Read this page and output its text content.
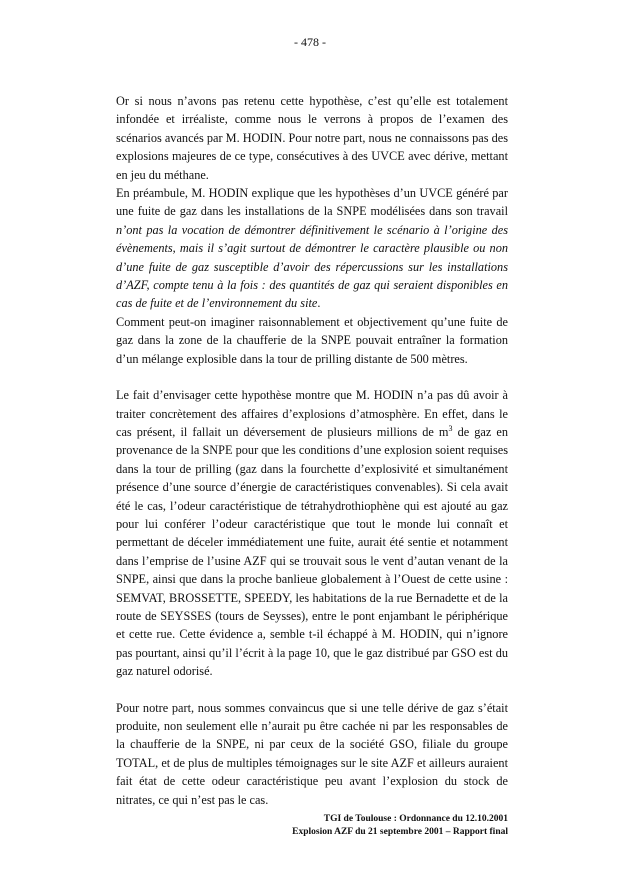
- 478 -

Or si nous n’avons pas retenu cette hypothèse, c’est qu’elle est totalement infondée et irréaliste, comme nous le verrons à propos de l’examen des scénarios avancés par M. HODIN. Pour notre part, nous ne connaissons pas des explosions majeures de ce type, consécutives à des UVCE avec dérive, mettant en jeu du méthane.

En préambule, M. HODIN explique que les hypothèses d’un UVCE généré par une fuite de gaz dans les installations de la SNPE modélisées dans son travail n’ont pas la vocation de démontrer définitivement le scénario à l’origine des évènements, mais il s’agit surtout de démontrer le caractère plausible ou non d’une fuite de gaz susceptible d’avoir des répercussions sur les installations d’AZF, compte tenu à la fois : des quantités de gaz qui seraient disponibles en cas de fuite et de l’environnement du site.

Comment peut-on imaginer raisonnablement et objectivement qu’une fuite de gaz dans la zone de la chaufferie de la SNPE pouvait entraîner la formation d’un mélange explosible dans la tour de prilling distante de 500 mètres.

Le fait d’envisager cette hypothèse montre que M. HODIN n’a pas dû avoir à traiter concrètement des affaires d’explosions d’atmosphère. En effet, dans le cas présent, il fallait un déversement de plusieurs millions de $m^3$ de gaz en provenance de la SNPE pour que les conditions d’une explosion soient requises dans la tour de prilling (gaz dans la fourchette d’explosivité et simultanément présence d’une source d’énergie de caractéristiques convenables). Si cela avait été le cas, l’odeur caractéristique de tétrahydrothiophène qui est ajouté au gaz pour lui conférer l’odeur caractéristique que tout le monde lui connaît et permettant de déceler immédiatement une fuite, aurait été sentie et notamment dans l’emprise de l’usine AZF qui se trouvait sous le vent d’autan venant de la SNPE, ainsi que dans la proche banlieue globalement à l’Ouest de cette usine : SEMVAT, BROSSETTE, SPEEDY, les habitations de la rue Bernadette et de la route de SEYSSES (tours de Seysses), entre le pont enjambant le périphérique et cette rue. Cette évidence a, semble t-il échappé à M. HODIN, qui n’ignore pas pourtant, ainsi qu’il l’écrit à la page 10, que le gaz distribué par GSO est du gaz naturel odorisé.

Pour notre part, nous sommes convaincus que si une telle dérive de gaz s’était produite, non seulement elle n’aurait pu être cachée ni par les responsables de la chaufferie de la SNPE, ni par ceux de la société GSO, filiale du groupe TOTAL, et de plus de multiples témoignages sur le site AZF et ailleurs auraient fait état de cette odeur caractéristique peu avant l’explosion du stock de nitrates, ce qui n’est pas le cas.

TGI de Toulouse : Ordonnance du 12.10.2001
Explosion AZF du 21 septembre 2001 – Rapport final
